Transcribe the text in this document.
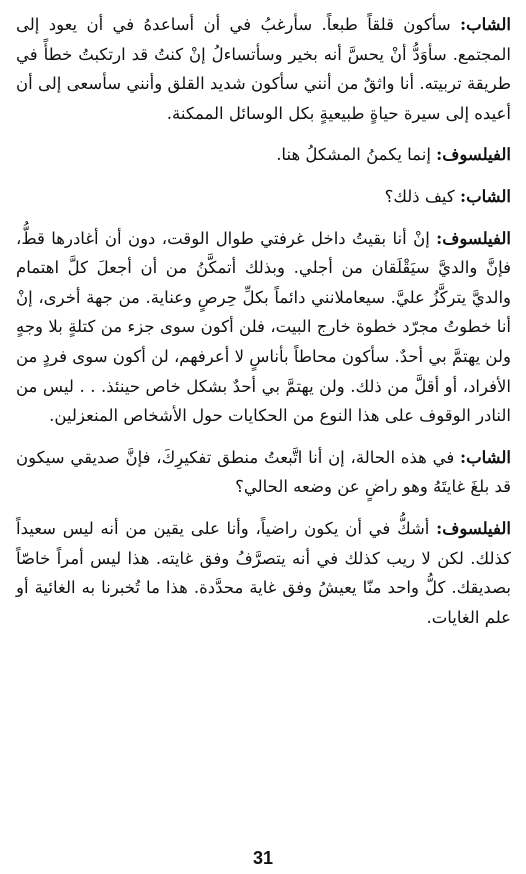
الشاب: سأكون قلقاً طبعاً. سأرغبُ في أن أساعدهُ في أن يعود إلى المجتمع. سأوَدُّ أنْ يحسَّ أنه بخير وسأتساءلُ إنْ كنتُ قد ارتكبتُ خطأً في طريقة تربيته. أنا واثقٌ من أنني سأكون شديد القلق وأنني سأسعى إلى أن أعيده إلى سيرة حياةٍ طبيعيةٍ بكل الوسائل الممكنة.

الفيلسوف: إنما يكمنُ المشكلُ هنا.

الشاب: كيف ذلك؟

الفيلسوف: إنْ أنا بقيتُ داخل غرفتي طوال الوقت، دون أن أغادرها قطُّ، فإنَّ والديَّ سيَقْلَقان من أجلي. وبذلك أتمكَّنُ من أن أجعلَ كلَّ اهتمام والديَّ يتركَّزُ عليَّ. سيعاملانني دائماً بكلِّ حِرصٍ وعناية. من جهة أخرى، إنْ أنا خطوتُ مجرّد خطوة خارج البيت، فلن أكون سوى جزء من كتلةٍ بلا وجهٍ ولن يهتمَّ بي أحدٌ. سأكون محاطاً بأناسٍ لا أعرفهم، لن أكون سوى فردٍ من الأفراد، أو أقلَّ من ذلك. ولن يهتمَّ بي أحدٌ بشكل خاص حينئذ. . . ليس من النادر الوقوف على هذا النوع من الحكايات حول الأشخاص المنعزلين.

الشاب: في هذه الحالة، إن أنا اتَّبعتُ منطق تفكيرِكَ، فإنَّ صديقي سيكون قد بلغَ غايتَهُ وهو راضٍ عن وضعه الحالي؟

الفيلسوف: أشكُّ في أن يكون راضياً، وأنا على يقين من أنه ليس سعيداً كذلك. لكن لا ريب كذلك في أنه يتصرَّفُ وفق غايته. هذا ليس أمراً خاصّاً بصديقك. كلُّ واحد منّا يعيشُ وفق غاية محدَّدة. هذا ما تُخبرنا به الغائية أو علم الغايات.

31
